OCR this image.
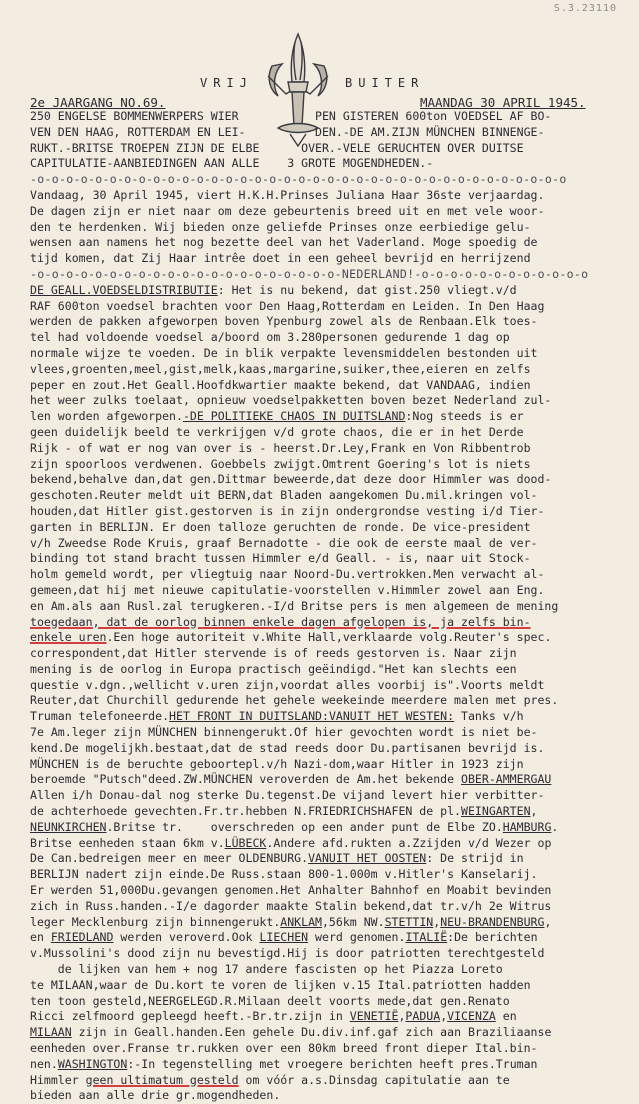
S.3.23110
VRIJ	BUITER
2e JAARGANG NO.69.	MAANDAG 30 APRIL 1945.
250 ENGELSE BOMMENWERPERS WIER           PEN GISTEREN 600ton VOEDSEL AF BO-
VEN DEN HAAG, ROTTERDAM EN LEI-          DEN.-DE AM.ZIJN MÜNCHEN BINNENGE-
RUKT.-BRITSE TROEPEN ZIJN DE ELBE      OVER.-VELE GERUCHTEN OVER DUITSE
CAPITULATIE-AANBIEDINGEN AAN ALLE    3 GROTE MOGENDHEDEN.-
-o-o-o-o-o-o-o-o-o-o-o-o-o-o-o-o-o-o-o-o-o-o-o-o-o-o-o-o-o-o-o-o-o-o-o-o-o
Vandaag, 30 April 1945, viert H.K.H.Prinses Juliana Haar 36ste verjaardag.
De dagen zijn er niet naar om deze gebeurtenis breed uit en met vele woor-
den te herdenken. Wij bieden onze geliefde Prinses onze eerbiedige gelu-
wensen aan namens het nog bezette deel van het Vaderland. Moge spoedig de
tijd komen, dat Zij Haar intrêe doet in een geheel bevrijd en herrijzend
-o-o-o-o-o-o-o-o-o-o-o-o-o-o-o-o-o-o-o-o-o-NEDERLAND!-o-o-o-o-o-o-o-o-o-o-o-o
DE GEALL.VOEDSELDISTRIBUTIE: Het is nu bekend, dat gist.250 vliegt.v/d
RAF 600ton voedsel brachten voor Den Haag,Rotterdam en Leiden. In Den Haag
werden de pakken afgeworpen boven Ypenburg zowel als de Renbaan.Elk toes-
tel had voldoende voedsel a/boord om 3.280personen gedurende 1 dag op
normale wijze te voeden. De in blik verpakte levensmiddelen bestonden uit
vlees,groenten,meel,gist,melk,kaas,margarine,suiker,thee,eieren en zelfs
peper en zout.Het Geall.Hoofdkwartier maakte bekend, dat VANDAAG, indien
het weer zulks toelaat, opnieuw voedselpakketten boven bezet Nederland zul-
len worden afgeworpen.-DE POLITIEKE CHAOS IN DUITSLAND:Nog steeds is er
geen duidelijk beeld te verkrijgen v/d grote chaos, die er in het Derde
Rijk - of wat er nog van over is - heerst.Dr.Ley,Frank en Von Ribbentrob
zijn spoorloos verdwenen. Goebbels zwijgt.Omtrent Goering's lot is niets
bekend,behalve dan,dat gen.Dittmar beweerde,dat deze door Himmler was dood-
geschoten.Reuter meldt uit BERN,dat Bladen aangekomen Du.mil.kringen vol-
houden,dat Hitler gist.gestorven is in zijn ondergrondse vesting i/d Tier-
garten in BERLIJN. Er doen talloze geruchten de ronde. De vice-president
v/h Zweedse Rode Kruis, graaf Bernadotte - die ook de eerste maal de ver-
binding tot stand bracht tussen Himmler e/d Geall. - is, naar uit Stock-
holm gemeld wordt, per vliegtuig naar Noord-Du.vertrokken.Men verwacht al-
gemeen,dat hij met nieuwe capitulatie-voorstellen v.Himmler zowel aan Eng.
en Am.als aan Rusl.zal terugkeren.-I/d Britse pers is men algemeen de mening
toegedaan, dat de oorlog binnen enkele dagen afgelopen is, ja zelfs bin-
enkele uren.Een hoge autoriteit v.White Hall,verklaarde volg.Reuter's spec.
correspondent,dat Hitler stervende is of reeds gestorven is. Naar zijn
mening is de oorlog in Europa practisch geëindigd."Het kan slechts een
questie v.dgn.,wellicht v.uren zijn,voordat alles voorbij is".Voorts meldt
Reuter,dat Churchill gedurende het gehele weekeinde meerdere malen met pres.
Truman telefoneerde.HET FRONT IN DUITSLAND:VANUIT HET WESTEN: Tanks v/h
7e Am.leger zijn MÜNCHEN binnengerukt.Of hier gevochten wordt is niet be-
kend.De mogelijkh.bestaat,dat de stad reeds door Du.partisanen bevrijd is.
MÜNCHEN is de beruchte geboortepl.v/h Nazi-dom,waar Hitler in 1923 zijn
beroemde "Putsch"deed.ZW.MÜNCHEN veroverden de Am.het bekende OBER-AMMERGAU
Allen i/h Donau-dal nog sterke Du.tegenst.De vijand levert hier verbitter-
de achterhoede gevechten.Fr.tr.hebben N.FRIEDRICHSHAFEN de pl.WEINGARTEN,
NEUNKIRCHEN.Britse tr.    overschreden op een ander punt de Elbe ZO.HAMBURG.
Britse eenheden staan 6km v.LÜBECK.Andere afd.rukten a.Zzijden v/d Wezer op
De Can.bedreigen meer en meer OLDENBURG.VANUIT HET OOSTEN: De strijd in
BERLIJN nadert zijn einde.De Russ.staan 800-1.000m v.Hitler's Kanselarij.
Er werden 51,000Du.gevangen genomen.Het Anhalter Bahnhof en Moabit bevinden
zich in Russ.handen.-I/e dagorder maakte Stalin bekend,dat tr.v/h 2e Witrus
leger Mecklenburg zijn binnengerukt.ANKLAM,56km NW.STETTIN,NEU-BRANDENBURG,
en FRIEDLAND werden veroverd.Ook LIECHEN werd genomen.ITALIË:De berichten
v.Mussolini's dood zijn nu bevestigd.Hij is door patriotten terechtgesteld
de lijken van hem + nog 17 andere fascisten op het Piazza Loreto
te MILAAN,waar de Du.kort te voren de lijken v.15 Ital.patriotten hadden
ten toon gesteld,NEERGELEGD.R.Milaan deelt voorts mede,dat gen.Renato
Ricci zelfmoord gepleegd heeft.-Br.tr.zijn in VENETIË,PADUA,VICENZA en
MILAAN zijn in Geall.handen.Een gehele Du.div.inf.gaf zich aan Braziliaanse
eenheden over.Franse tr.rukken over een 80km breed front dieper Ital.bin-
nen.WASHINGTON:-In tegenstelling met vroegere berichten heeft pres.Truman
Himmler geen ultimatum gesteld om vóór a.s.Dinsdag capitulatie aan te
bieden aan alle drie gr.mogendheden.
